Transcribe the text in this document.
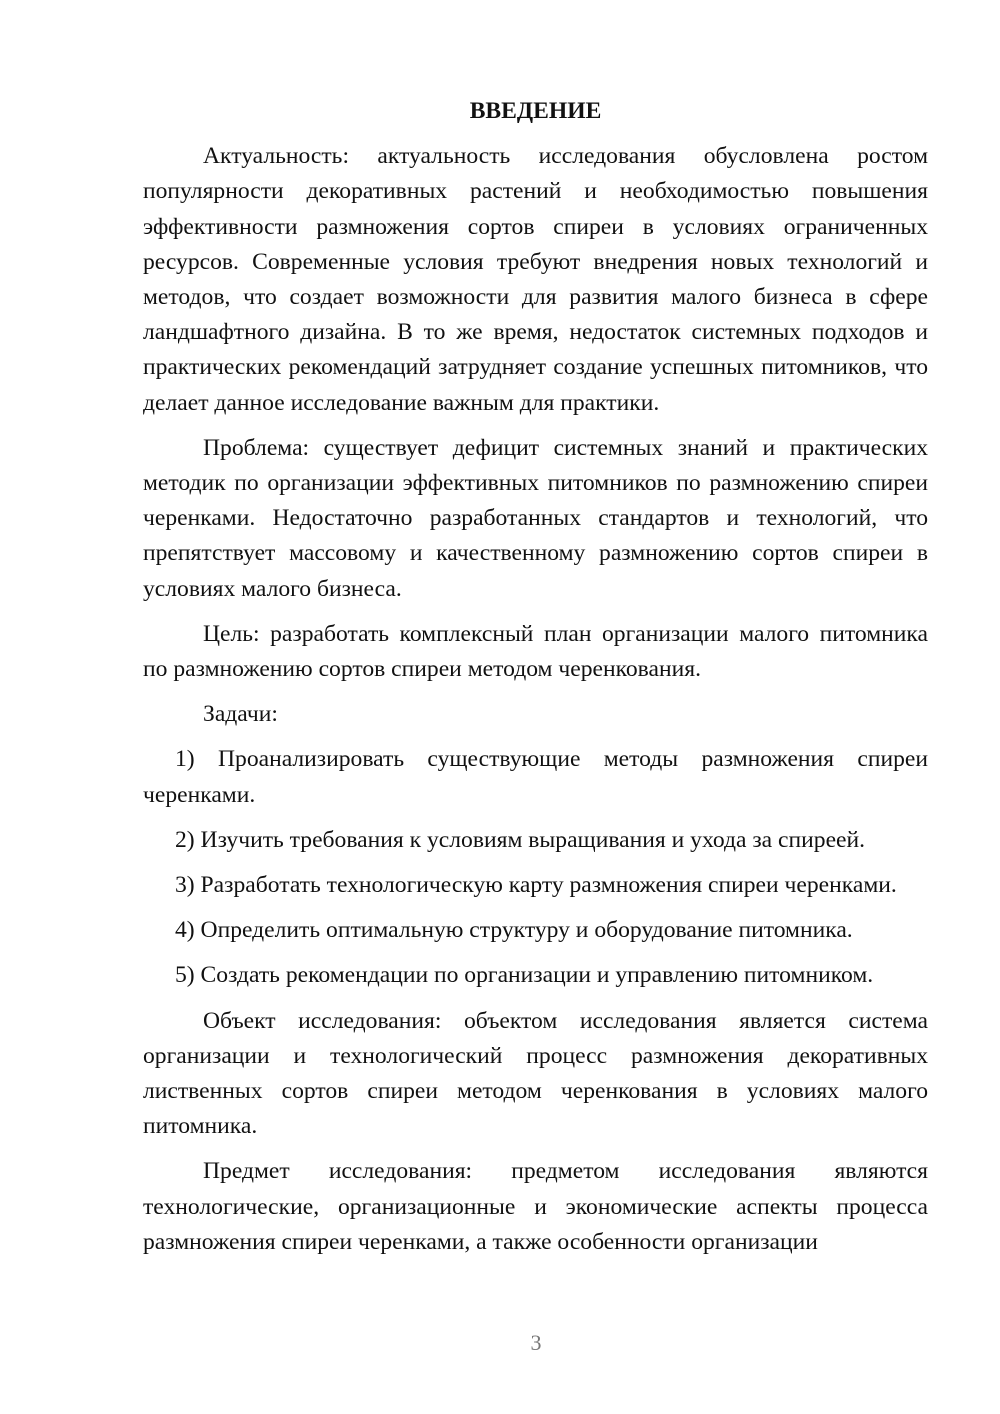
ВВЕДЕНИЕ

Актуальность: актуальность исследования обусловлена ростом популярности декоративных растений и необходимостью повышения эффективности размножения сортов спиреи в условиях ограниченных ресурсов. Современные условия требуют внедрения новых технологий и методов, что создает возможности для развития малого бизнеса в сфере ландшафтного дизайна. В то же время, недостаток системных подходов и практических рекомендаций затрудняет создание успешных питомников, что делает данное исследование важным для практики.

Проблема: существует дефицит системных знаний и практических методик по организации эффективных питомников по размножению спиреи черенками. Недостаточно разработанных стандартов и технологий, что препятствует массовому и качественному размножению сортов спиреи в условиях малого бизнеса.

Цель: разработать комплексный план организации малого питомника по размножению сортов спиреи методом черенкования.

Задачи:

1) Проанализировать существующие методы размножения спиреи черенками.

2) Изучить требования к условиям выращивания и ухода за спиреей.

3) Разработать технологическую карту размножения спиреи черенками.

4) Определить оптимальную структуру и оборудование питомника.

5) Создать рекомендации по организации и управлению питомником.

Объект исследования: объектом исследования является система организации и технологический процесс размножения декоративных лиственных сортов спиреи методом черенкования в условиях малого питомника.

Предмет исследования: предметом исследования являются технологические, организационные и экономические аспекты процесса размножения спиреи черенками, а также особенности организации

3
